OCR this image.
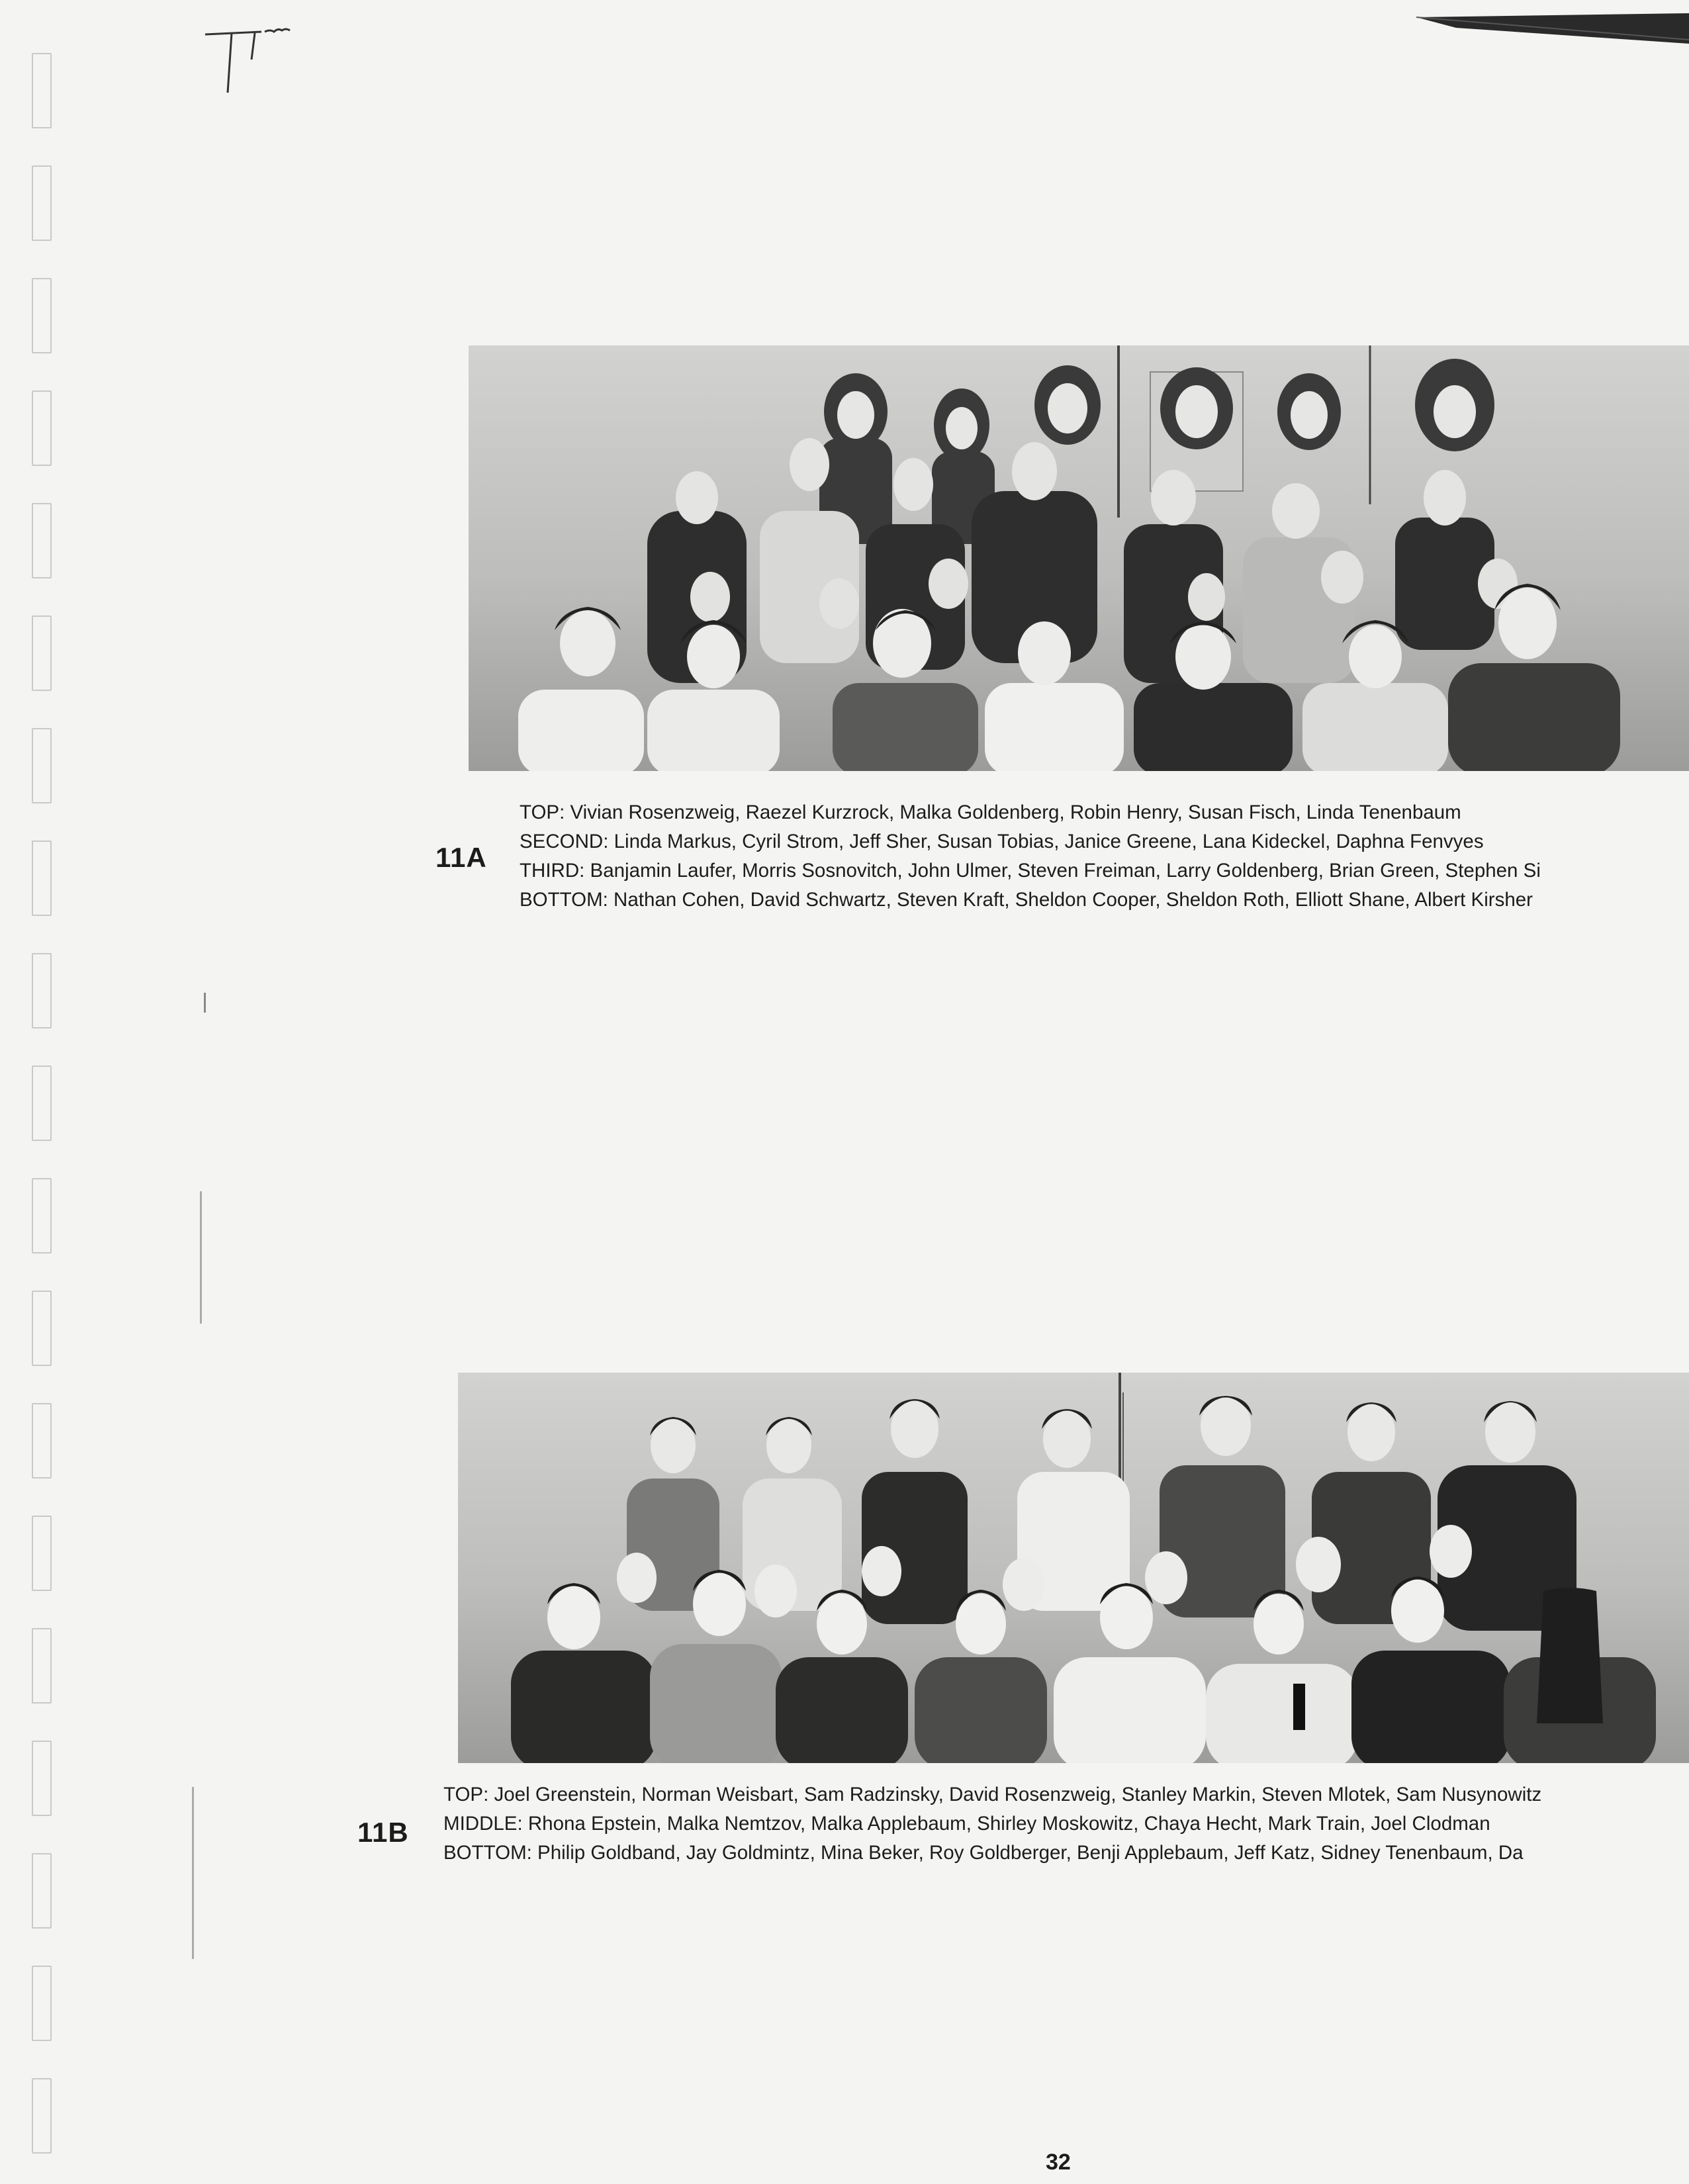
11A
TOP: Vivian Rosenzweig, Raezel Kurzrock, Malka Goldenberg, Robin Henry, Susan Fisch, Linda Tenenbaum
SECOND: Linda Markus, Cyril Strom, Jeff Sher, Susan Tobias, Janice Greene, Lana Kideckel, Daphna Fenvyes
THIRD: Banjamin Laufer, Morris Sosnovitch, John Ulmer, Steven Freiman, Larry Goldenberg, Brian Green, Stephen Si
BOTTOM: Nathan Cohen, David Schwartz, Steven Kraft, Sheldon Cooper, Sheldon Roth, Elliott Shane, Albert Kirsher
11B
TOP: Joel Greenstein, Norman Weisbart, Sam Radzinsky, David Rosenzweig, Stanley Markin, Steven Mlotek, Sam Nusynowitz
MIDDLE: Rhona Epstein, Malka Nemtzov, Malka Applebaum, Shirley Moskowitz, Chaya Hecht, Mark Train, Joel Clodman
BOTTOM: Philip Goldband, Jay Goldmintz, Mina Beker, Roy Goldberger, Benji Applebaum, Jeff Katz, Sidney Tenenbaum, Da
32
